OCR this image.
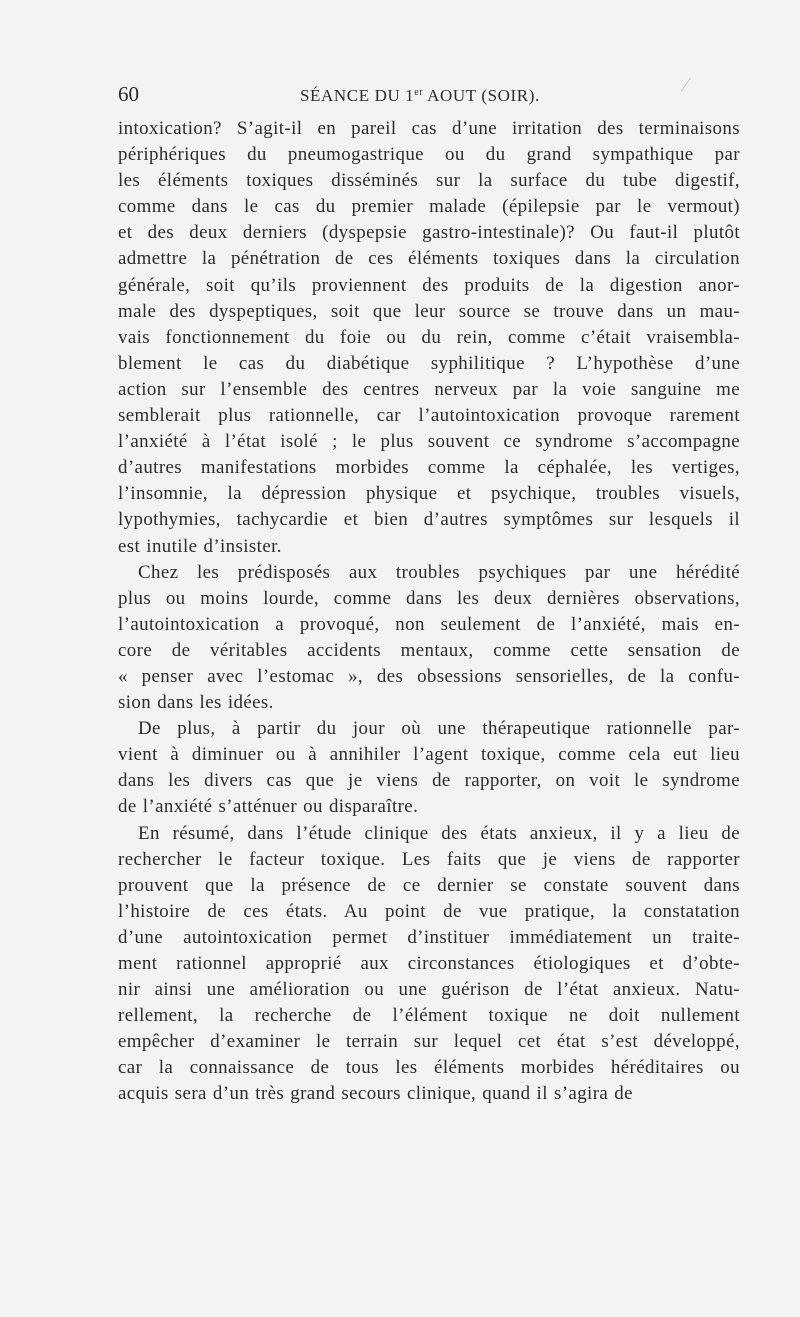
60	SÉANCE DU 1er AOUT (SOIR).

intoxication? S’agit-il en pareil cas d’une irritation des terminaisons
périphériques du pneumogastrique ou du grand sympathique par
les éléments toxiques disséminés sur la surface du tube digestif,
comme dans le cas du premier malade (épilepsie par le vermout)
et des deux derniers (dyspepsie gastro-intestinale)? Ou faut-il plutôt
admettre la pénétration de ces éléments toxiques dans la circulation
générale, soit qu’ils proviennent des produits de la digestion anor-
male des dyspeptiques, soit que leur source se trouve dans un mau-
vais fonctionnement du foie ou du rein, comme c’était vraisembla-
blement le cas du diabétique syphilitique ? L’hypothèse d’une
action sur l’ensemble des centres nerveux par la voie sanguine me
semblerait plus rationnelle, car l’autointoxication provoque rarement
l’anxiété à l’état isolé ; le plus souvent ce syndrome s’accompagne
d’autres manifestations morbides comme la céphalée, les vertiges,
l’insomnie, la dépression physique et psychique, troubles visuels,
lypothymies, tachycardie et bien d’autres symptômes sur lesquels il
est inutile d’insister.

Chez les prédisposés aux troubles psychiques par une hérédité
plus ou moins lourde, comme dans les deux dernières observations,
l’autointoxication a provoqué, non seulement de l’anxiété, mais en-
core de véritables accidents mentaux, comme cette sensation de
« penser avec l’estomac », des obsessions sensorielles, de la confu-
sion dans les idées.

De plus, à partir du jour où une thérapeutique rationnelle par-
vient à diminuer ou à annihiler l’agent toxique, comme cela eut lieu
dans les divers cas que je viens de rapporter, on voit le syndrome
de l’anxiété s’atténuer ou disparaître.

En résumé, dans l’étude clinique des états anxieux, il y a lieu de
rechercher le facteur toxique. Les faits que je viens de rapporter
prouvent que la présence de ce dernier se constate souvent dans
l’histoire de ces états. Au point de vue pratique, la constatation
d’une autointoxication permet d’instituer immédiatement un traite-
ment rationnel approprié aux circonstances étiologiques et d’obte-
nir ainsi une amélioration ou une guérison de l’état anxieux. Natu-
rellement, la recherche de l’élément toxique ne doit nullement
empêcher d’examiner le terrain sur lequel cet état s’est développé,
car la connaissance de tous les éléments morbides héréditaires ou
acquis sera d’un très grand secours clinique, quand il s’agira de
